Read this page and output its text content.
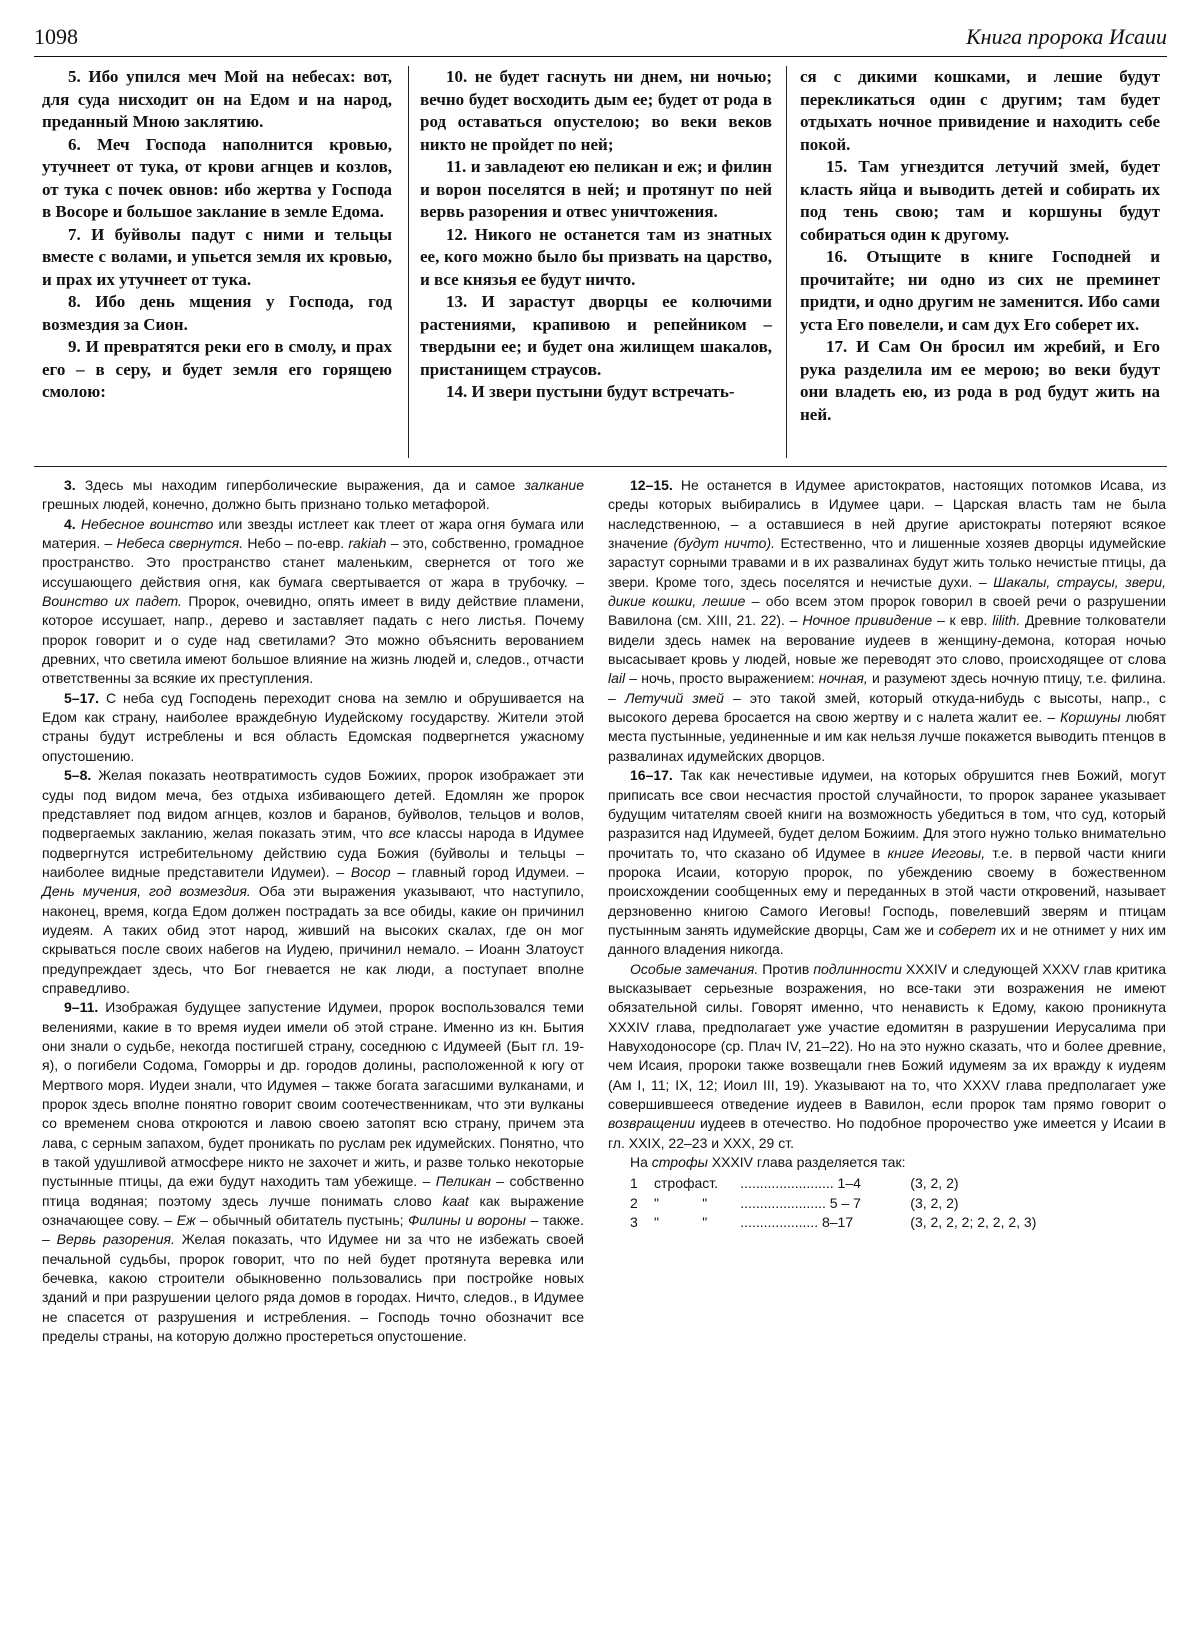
1098	Книга пророка Исаии

5. Ибо упился меч Мой на небесах: вот, для суда нисходит он на Едом и на народ, преданный Мною заклятию.

6. Меч Господа наполнится кровью, утучнеет от тука, от крови агнцев и козлов, от тука с почек овнов: ибо жертва у Господа в Восоре и большое заклание в земле Едома.

7. И буйволы падут с ними и тельцы вместе с волами, и упьется земля их кровью, и прах их утучнеет от тука.

8. Ибо день мщения у Господа, год возмездия за Сион.

9. И превратятся реки его в смолу, и прах его – в серу, и будет земля его горящею смолою:

10. не будет гаснуть ни днем, ни ночью; вечно будет восходить дым ее; будет от рода в род оставаться опустелою; во веки веков никто не пройдет по ней;

11. и завладеют ею пеликан и еж; и филин и ворон поселятся в ней; и протянут по ней вервь разорения и отвес уничтожения.

12. Никого не останется там из знатных ее, кого можно было бы призвать на царство, и все князья ее будут ничто.

13. И зарастут дворцы ее колючими растениями, крапивою и репейником – твердыни ее; и будет она жилищем шакалов, пристанищем страусов.

14. И звери пустыни будут встречать-

ся с дикими кошками, и лешие будут перекликаться один с другим; там будет отдыхать ночное привидение и находить себе покой.

15. Там угнездится летучий змей, будет класть яйца и выводить детей и собирать их под тень свою; там и коршуны будут собираться один к другому.

16. Отыщите в книге Господней и прочитайте; ни одно из сих не преминет придти, и одно другим не заменится. Ибо сами уста Его повелели, и сам дух Его соберет их.

17. И Сам Он бросил им жребий, и Его рука разделила им ее мерою; во веки будут они владеть ею, из рода в род будут жить на ней.

3. Здесь мы находим гиперболические выражения, да и самое залкание грешных людей, конечно, должно быть признано только метафорой.

4. Небесное воинство или звезды истлеет как тлеет от жара огня бумага или материя. – Небеса свернутся. Небо – по-евр. rakiah – это, собственно, громадное пространство. Это пространство станет маленьким, свернется от того же иссушающего действия огня, как бумага свертывается от жара в трубочку. – Воинство их падет. Пророк, очевидно, опять имеет в виду действие пламени, которое иссушает, напр., дерево и заставляет падать с него листья. Почему пророк говорит и о суде над светилами? Это можно объяснить верованием древних, что светила имеют большое влияние на жизнь людей и, следов., отчасти ответственны за всякие их преступления.

5–17. С неба суд Господень переходит снова на землю и обрушивается на Едом как страну, наиболее враждебную Иудейскому государству. Жители этой страны будут истреблены и вся область Едомская подвергнется ужасному опустошению.

5–8. Желая показать неотвратимость судов Божиих, пророк изображает эти суды под видом меча, без отдыха избивающего детей. Едомлян же пророк представляет под видом агнцев, козлов и баранов, буйволов, тельцов и волов, подвергаемых закланию, желая показать этим, что все классы народа в Идумее подвергнутся истребительному действию суда Божия (буйволы и тельцы – наиболее видные представители Идумеи). – Восор – главный город Идумеи. – День мучения, год возмездия. Оба эти выражения указывают, что наступило, наконец, время, когда Едом должен пострадать за все обиды, какие он причинил иудеям. А таких обид этот народ, живший на высоких скалах, где он мог скрываться после своих набегов на Иудею, причинил немало. – Иоанн Златоуст предупреждает здесь, что Бог гневается не как люди, а поступает вполне справедливо.

9–11. Изображая будущее запустение Идумеи, пророк воспользовался теми велениями, какие в то время иудеи имели об этой стране. Именно из кн. Бытия они знали о судьбе, некогда постигшей страну, соседнюю с Идумеей (Быт гл. 19-я), о погибели Содома, Гоморры и др. городов долины, расположенной к югу от Мертвого моря. Иудеи знали, что Идумея – также богата загасшими вулканами, и пророк здесь вполне понятно говорит своим соотечественникам, что эти вулканы со временем снова откроются и лавою своею затопят всю страну, причем эта лава, с серным запахом, будет проникать по руслам рек идумейских. Понятно, что в такой удушливой атмосфере никто не захочет и жить, и разве только некоторые пустынные птицы, да ежи будут находить там убежище. – Пеликан – собственно птица водяная; поэтому здесь лучше понимать слово kaat как выражение означающее сову. – Еж – обычный обитатель пустынь; Филины и вороны – также. – Вервь разорения. Желая показать, что Идумее ни за что не избежать своей печальной судьбы, пророк говорит, что по ней будет протянута веревка или бечевка, какою строители обыкновенно пользовались при постройке новых зданий и при разрушении целого ряда домов в городах. Ничто, следов., в Идумее не спасется от разрушения и истребления. – Господь точно обозначит все пределы страны, на которую должно простереться опустошение.

12–15. Не останется в Идумее аристократов, настоящих потомков Исава, из среды которых выбирались в Идумее цари. – Царская власть там не была наследственною, – а оставшиеся в ней другие аристократы потеряют всякое значение (будут ничто). Естественно, что и лишенные хозяев дворцы идумейские зарастут сорными травами и в их развалинах будут жить только нечистые птицы, да звери. Кроме того, здесь поселятся и нечистые духи. – Шакалы, страусы, звери, дикие кошки, лешие – обо всем этом пророк говорил в своей речи о разрушении Вавилона (см. XIII, 21. 22). – Ночное привидение – к евр. lilith. Древние толкователи видели здесь намек на верование иудеев в женщину-демона, которая ночью высасывает кровь у людей, новые же переводят это слово, происходящее от слова lail – ночь, просто выражением: ночная, и разумеют здесь ночную птицу, т.е. филина. – Летучий змей – это такой змей, который откуда-нибудь с высоты, напр., с высокого дерева бросается на свою жертву и с налета жалит ее. – Коршуны любят места пустынные, уединенные и им как нельзя лучше покажется выводить птенцов в развалинах идумейских дворцов.

16–17. Так как нечестивые идумеи, на которых обрушится гнев Божий, могут приписать все свои несчастия простой случайности, то пророк заранее указывает будущим читателям своей книги на возможность убедиться в том, что суд, который разразится над Идумеей, будет делом Божиим. Для этого нужно только внимательно прочитать то, что сказано об Идумее в книге Иеговы, т.е. в первой части книги пророка Исаии, которую пророк, по убеждению своему в божественном происхождении сообщенных ему и переданных в этой части откровений, называет дерзновенно книгою Самого Иеговы! Господь, повелевший зверям и птицам пустынным занять идумейские дворцы, Сам же и соберет их и не отнимет у них им данного владения никогда.

Особые замечания. Против подлинности XXXIV и следующей XXXV глав критика высказывает серьезные возражения, но все-таки эти возражения не имеют обязательной силы. Говорят именно, что ненависть к Едому, какою проникнута XXXIV глава, предполагает уже участие едомитян в разрушении Иерусалима при Навуходоносоре (ср. Плач IV, 21–22). Но на это нужно сказать, что и более древние, чем Исаия, пророки также возвещали гнев Божий идумеям за их вражду к иудеям (Ам I, 11; IX, 12; Иоил III, 19). Указывают на то, что XXXV глава предполагает уже совершившееся отведение иудеев в Вавилон, если пророк там прямо говорит о возвращении иудеев в отечество. Но подобное пророчество уже имеется у Исаии в гл. XXIX, 22–23 и XXX, 29 ст.

На строфы XXXIV глава разделяется так:

1	строфа	ст.	........................ 1–4	(3, 2, 2)
2	"	"	...................... 5 – 7	(3, 2, 2)
3	"	"	.................... 8–17	(3, 2, 2, 2; 2, 2, 2, 3)
